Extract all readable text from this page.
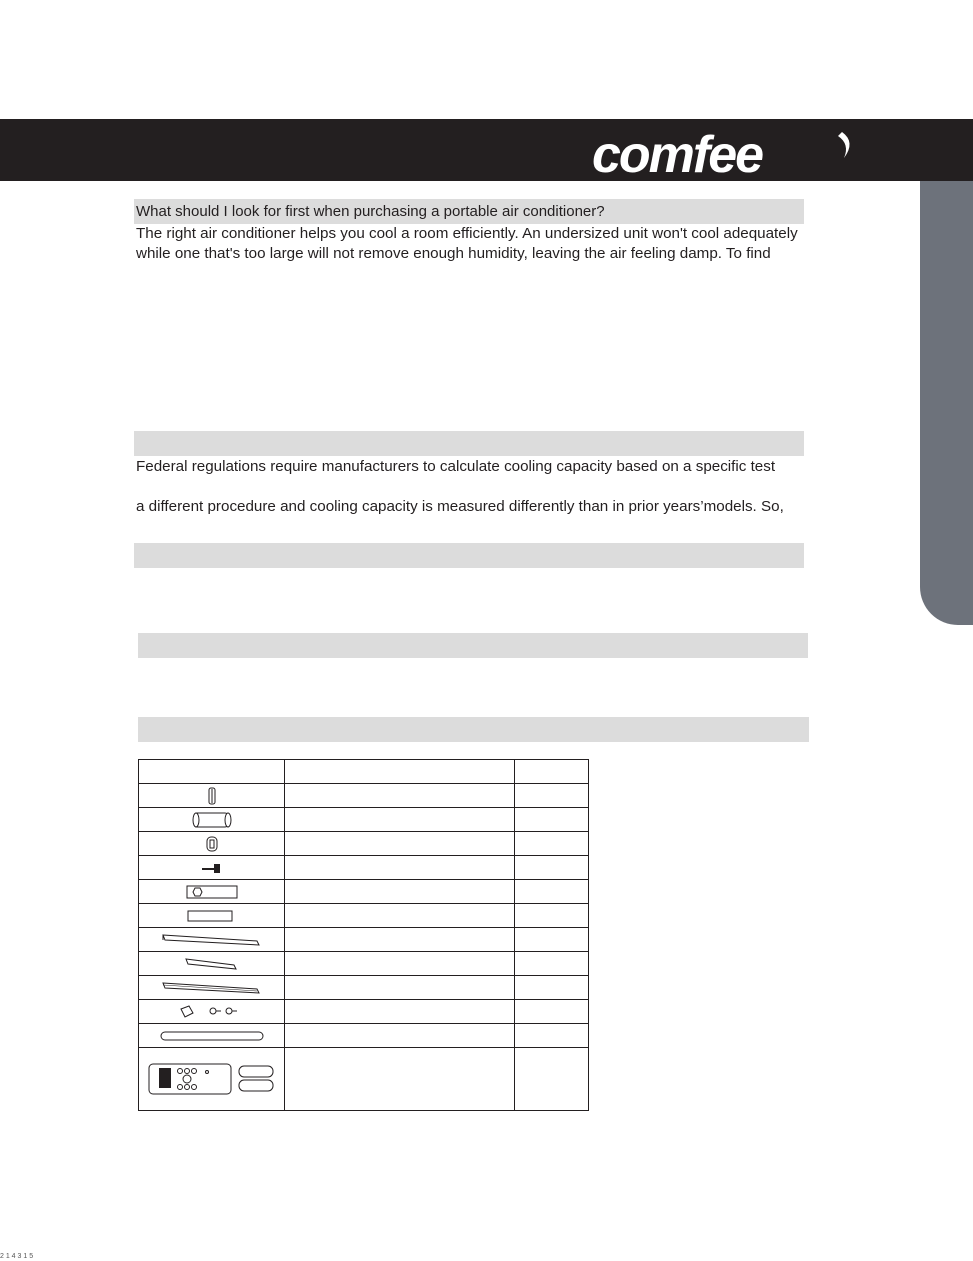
comfee
What should I look for first when purchasing a portable air conditioner?
The right air conditioner helps you cool a room efficiently. An undersized unit won't cool adequately
while one that's too large will not remove enough humidity, leaving the air feeling damp. To find
Federal regulations require manufacturers to calculate cooling capacity based on a specific test
a different procedure and cooling capacity is measured differently than in prior years’models. So,

2 1 4 3 1 5
